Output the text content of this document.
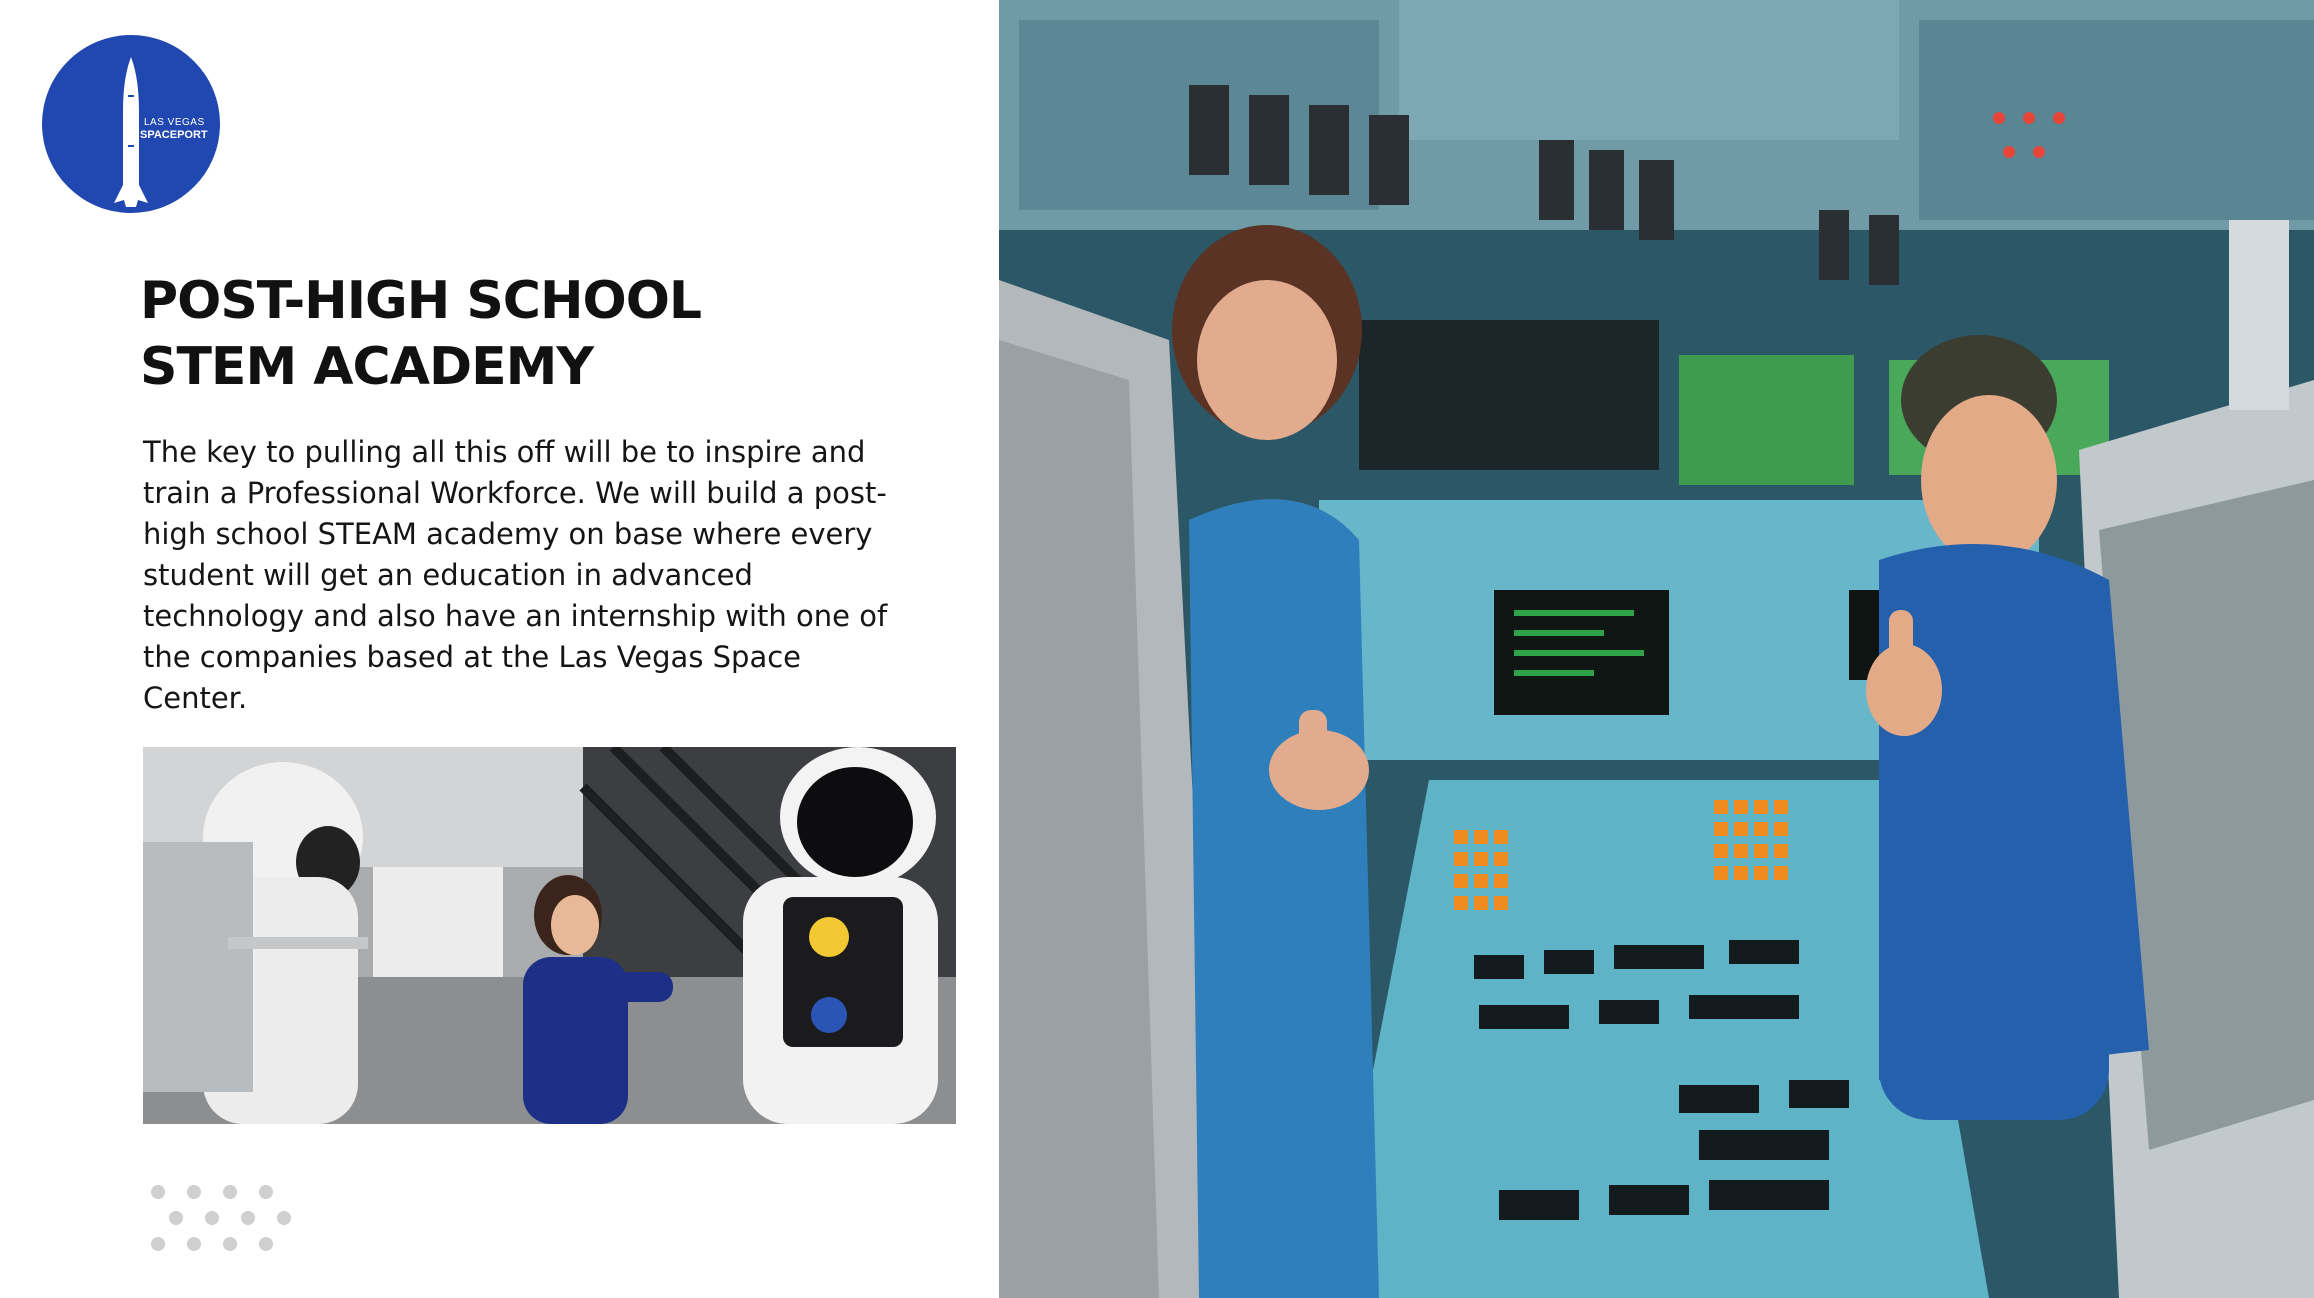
LAS VEGAS
SPACEPORT
POST-HIGH SCHOOL
STEM ACADEMY

The key to pulling all this off will be to inspire and
train a Professional Workforce. We will build a post-
high school STEAM academy on base where every
student will get an education in advanced
technology and also have an internship with one of
the companies based at the Las Vegas Space Center.
